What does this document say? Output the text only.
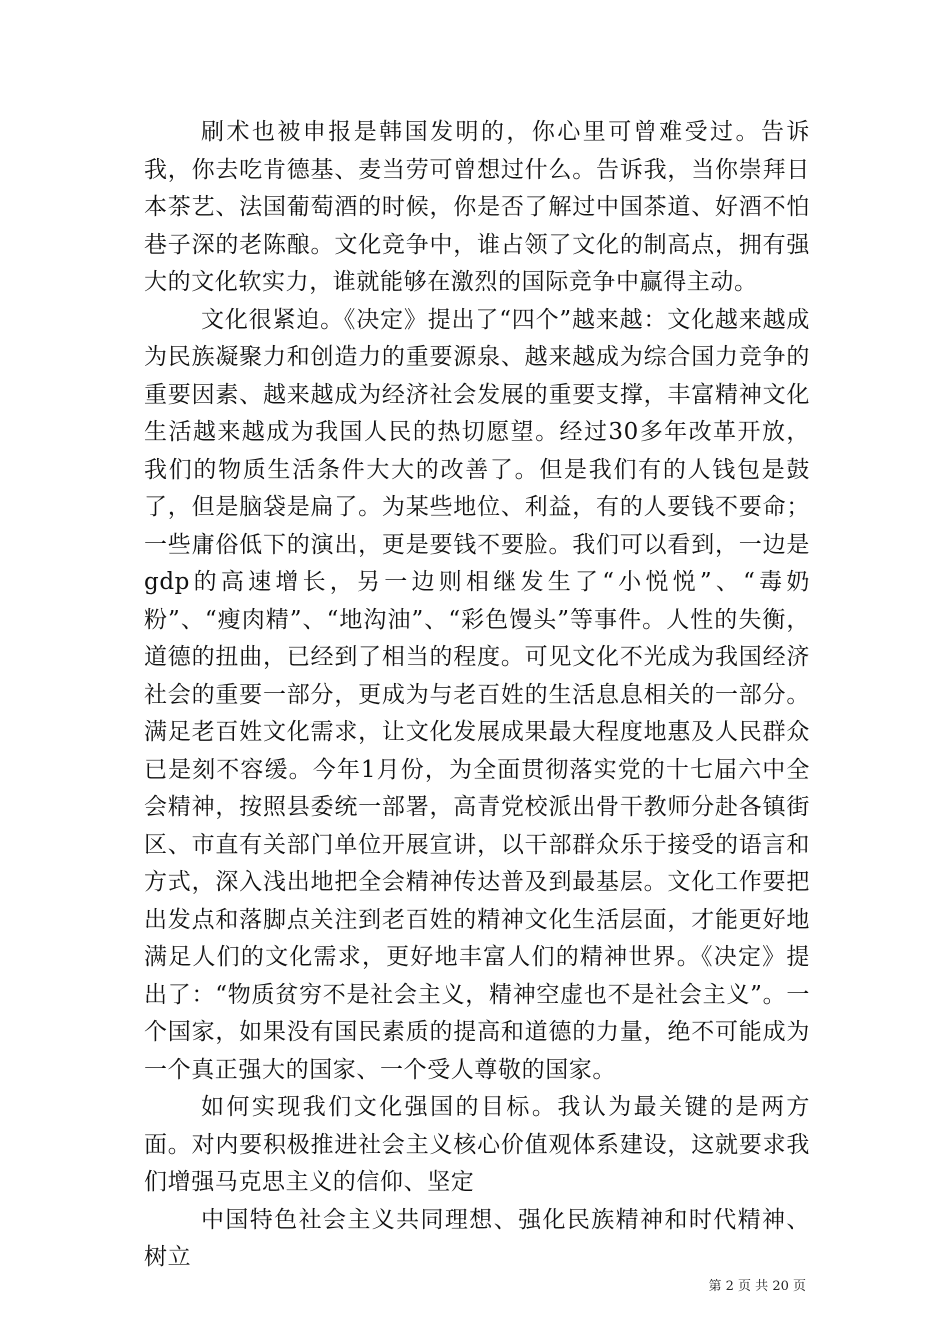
刷术也被申报是韩国发明的，你心里可曾难受过。告诉我，你去吃肯德基、麦当劳可曾想过什么。告诉我，当你崇拜日本茶艺、法国葡萄酒的时候，你是否了解过中国茶道、好酒不怕巷子深的老陈酿。文化竞争中，谁占领了文化的制高点，拥有强大的文化软实力，谁就能够在激烈的国际竞争中赢得主动。

文化很紧迫。《决定》提出了“四个”越来越：文化越来越成为民族凝聚力和创造力的重要源泉、越来越成为综合国力竞争的重要因素、越来越成为经济社会发展的重要支撑，丰富精神文化生活越来越成为我国人民的热切愿望。经过30多年改革开放，我们的物质生活条件大大的改善了。但是我们有的人钱包是鼓了，但是脑袋是扁了。为某些地位、利益，有的人要钱不要命；一些庸俗低下的演出，更是要钱不要脸。我们可以看到，一边是gdp的高速增长，另一边则相继发生了“小悦悦”、“毒奶粉”、“瘦肉精”、“地沟油”、“彩色馒头”等事件。人性的失衡，道德的扭曲，已经到了相当的程度。可见文化不光成为我国经济社会的重要一部分，更成为与老百姓的生活息息相关的一部分。满足老百姓文化需求，让文化发展成果最大程度地惠及人民群众已是刻不容缓。今年1月份，为全面贯彻落实党的十七届六中全会精神，按照县委统一部署，高青党校派出骨干教师分赴各镇街区、市直有关部门单位开展宣讲，以干部群众乐于接受的语言和方式，深入浅出地把全会精神传达普及到最基层。文化工作要把出发点和落脚点关注到老百姓的精神文化生活层面，才能更好地满足人们的文化需求，更好地丰富人们的精神世界。《决定》提出了：“物质贫穷不是社会主义，精神空虚也不是社会主义”。一个国家，如果没有国民素质的提高和道德的力量，绝不可能成为一个真正强大的国家、一个受人尊敬的国家。

如何实现我们文化强国的目标。我认为最关键的是两方面。对内要积极推进社会主义核心价值观体系建设，这就要求我们增强马克思主义的信仰、坚定

中国特色社会主义共同理想、强化民族精神和时代精神、树立

第 2 页 共 20 页
